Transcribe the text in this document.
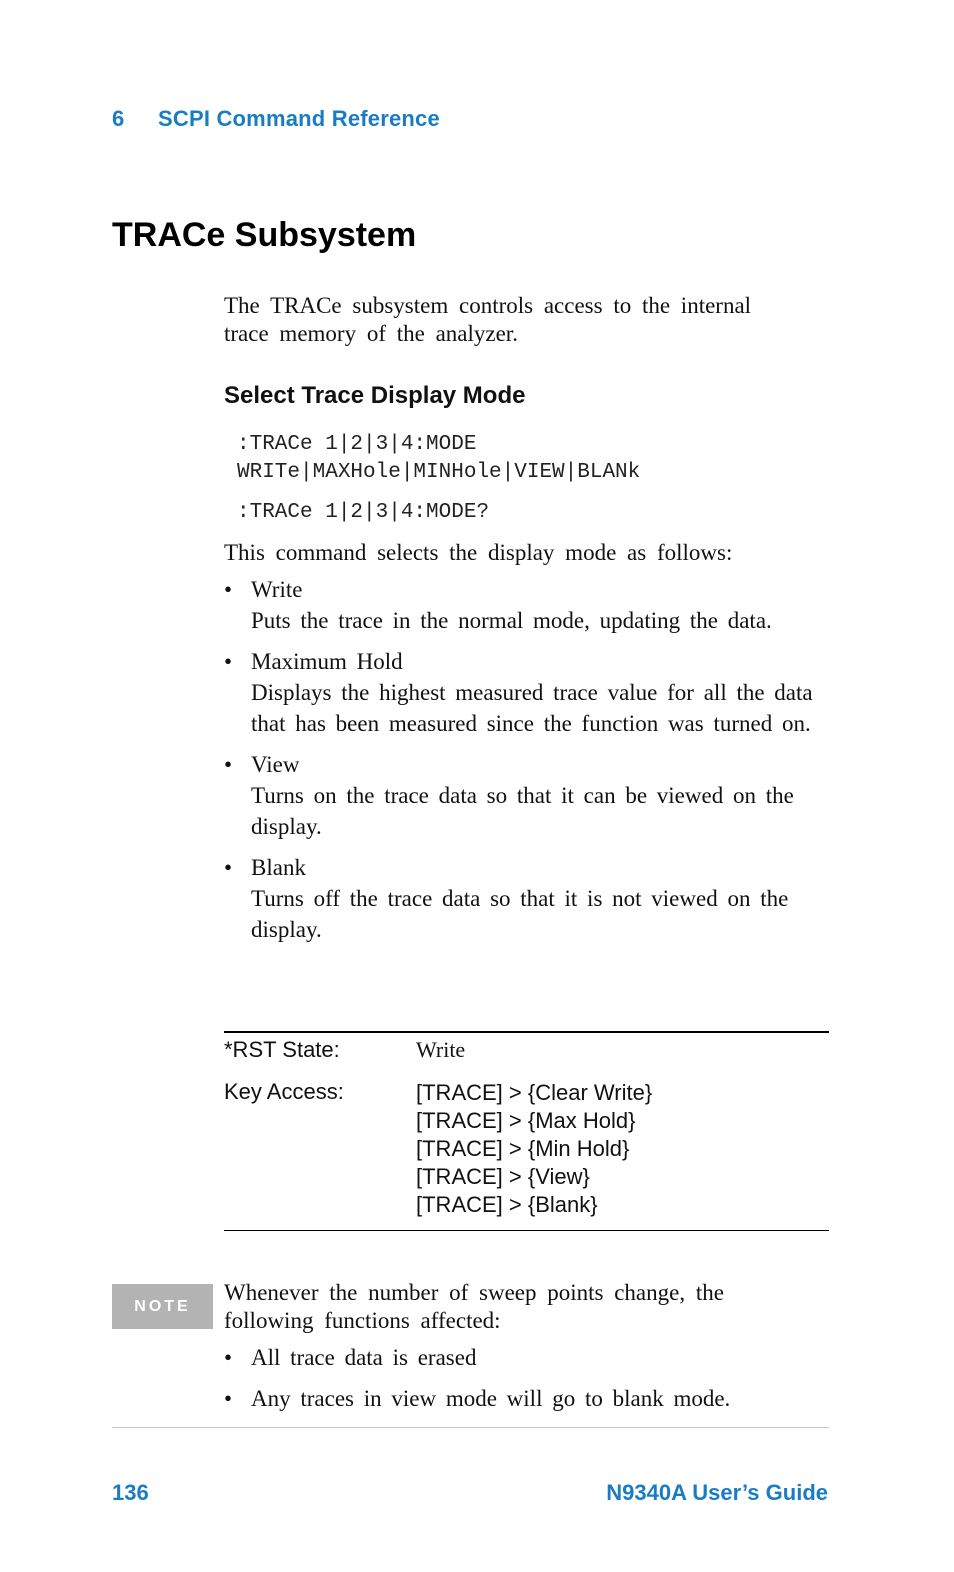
6 SCPI Command Reference
TRACe Subsystem
The TRACe subsystem controls access to the internal trace memory of the analyzer.
Select Trace Display Mode
:TRACe 1|2|3|4:MODE
WRITe|MAXHole|MINHole|VIEW|BLANk
:TRACe 1|2|3|4:MODE?
This command selects the display mode as follows:
• Write
Puts the trace in the normal mode, updating the data.
• Maximum Hold
Displays the highest measured trace value for all the data that has been measured since the function was turned on.
• View
Turns on the trace data so that it can be viewed on the display.
• Blank
Turns off the trace data so that it is not viewed on the display.
*RST State:	Write
Key Access:	[TRACE] > {Clear Write}
[TRACE] > {Max Hold}
[TRACE] > {Min Hold}
[TRACE] > {View}
[TRACE] > {Blank}
NOTE
Whenever the number of sweep points change, the following functions affected:
• All trace data is erased
• Any traces in view mode will go to blank mode.
136	N9340A User’s Guide
